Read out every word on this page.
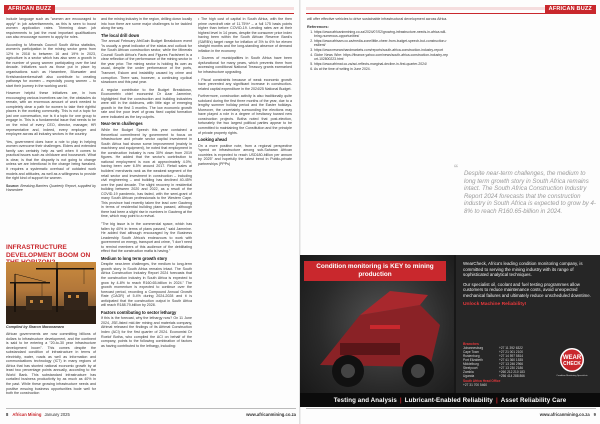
AFRICAN BUZZ	AFRICAN BUZZ

include language such as "women are encouraged to apply" in job advertisements, as this is seen to boost women application rates. Trimming down job requirements to just the most important qualifications can also encourage women to apply for roles.

According to Minerals Council South Africa statistics, women's participation in the mining sector grew from 12% in 2018 to between 16 and 19% in 2023, agriculture is a sector which has also seen a growth in the number of young women participating over the last decade. Initiatives such as those put in place by organisations such as Harambee, Bluewater and Kreishandwerkerschaft also contribute to creating pathways for women – especially young women – to start their journey in the working world.

However helpful these initiatives are, in how encouraging various incentives can be, the obstacles do remain, with an enormous amount of work needed to completely clear a path for women to take their rightful places in the working community. This is not a topic for just one conversation, nor is it a topic for one group to engage in. This is a fundamental issue that needs to be on the mind of every CEO, director, manager, HR representative and, indeed, every employer and employee across all industry sectors in the country.

Yes, government does have a role to play in helping women overcome their challenges. Elders and extended family can certainly help as well when it comes to practical issues such as childcare and housework. What is clear, is that the disparity is not going to change unless we are intentional in the change being tweaked. It requires a systematic overhaul of outdated work models and attitudes, as well as a willingness to provide the right kind of support for women.

Source: Breaking Barriers Quarterly Report, supplied by Harambee

INFRASTRUCTURE DEVELOPMENT BOOM ON
Compiled by Sharon Maconamara

African governments are now committing billions of dollars to infrastructure development, and the continent is said to be entering a "20-to-30 year infrastructure development boom". This comes despite the substandard condition of infrastructure in terms of electricity, water, roads as well as information and communications technology (ICT) in many regions of Africa that has stunted national economic growth by at least two percentage points annually, according to the World Bank. This substandard infrastructure has curtailed business productivity by as much as 40% in the past. While these growing infrastructure needs and positive ensuing business opportunities bode well for both the construction

and the mining industry in the region, drilling down locally into how there are some major challenges to be tackled along the way.

The local drill down

The annual February AfriGain Budget Breakdown event "is usually a great indicator of the status and outlook for the South African construction sector, while the Minerals Council South Africa's Facts and Figures Factsheet is a clear reflection of the performance of the mining sector in the year prior. The mining sector is holding its own as usual, despite the under performance of the ports, Transnet, Eskom and instability caused by crime and corruption. There was, however, a continuing cyclical slowdown and this past year.

A regular contributor to the Budget Breakdown, Econometrix chief economist Dr Azar Jammine, highlighted that the construction and building industries were still in the doldrums, with little sign of emerging growth in the first 3 months. The low economic growth rate and the poor level of gross fixed capital formation were indicated as the key culprits.

Near-term challenges

While the Budget Speech this year contained a theoretical commitment by government to focus on infrastructure and private sector capital investment in South Africa had shown some improvement (mainly in machinery and equipment), he noted that employment in the construction industry is now 30% down from 2019 figures. He added that the sector's contribution to national employment is now at approximately 4.0%, having been over 6.5% around 2017. Retail sales at builders' merchants rank as the weakest segment of the retail sector and investment in construction – including civil engineering – and building has declined 40-45% over the past decade. The slight recovery in residential building between 2020 and 2022, as a result of the COVID-19 pandemic, has faded, with the semi-grant of many South African professionals to the Western Cape. This province had recently taken the lead over Gauteng in terms of residential building plans passed, although there had been a slight rise in numbers in Gauteng at the time, which may point to a revival.

"The big issue is in the commercial space, which has fallen by 40% in terms of plans passed," said Jammine. He added that although encouraged by the Business Leadership South Africa's endeavours to work with government on energy, transport and crime, "I don't need to remind members of this audience of the debilitating effect that the construction mafia is having."

Medium to long term growth story

Despite near-term challenges, the medium to long-term growth story in South Africa remains intact. The South Africa Construction Industry Report 2024 forecasts that the construction industry in South Africa is expected to grow by 4-8% to reach R160.65-billion in 2024." The growth momentum is expected to continue over the forecast period, recording a Compound Annual Growth Rate (CAGR) of 5.4% during 2024-2028 and it is anticipated that the construction output in South Africa will reach R188.79-billion by 2028.

Factors contributing to sector lethargy

If this is the forecast, why the lethargy now? On 11 June 2024, JSE-listed mid-tier mining and materials company, Afrimat released the findings of its Afrimat Construction Index (ACI) for the first quarter of 2024. Economist Dr Roelof Botha, who compiled the ACI on behalf of the company, points to the following combination of factors as having contributed to the lethargy, including:

• The high cost of capital in South Africa, with the then prime overdraft rate of 11.75%* – a full 175 basis points higher than before COVID-19. Lending rates are at their highest level in 14 years, despite the consumer price index having been within the South African Reserve Bank's (SARB's) target range for inflation of 3% to 6% for eleven straight months and the long-standing absence of demand inflation in the economy

• Dozens of municipalities in South Africa have been dysfunctional for many years, which prevents them from accessing conditional National Treasury grants earmarked for infrastructure upgrading.

• Fiscal constraints because of weak economic growth have prevented any significant increase in construction-related capital expenditure in the 2024/25 National Budget.

Furthermore, construction activity is also traditionally quite subdued during the first three months of the year, due to a lengthy summer holiday period and the Easter holidays. Moreover, the uncertainty surrounding the elections may have played a role in a degree of hesitancy toward new construction projects. Botha noted that post-election, fortunately the two largest political parties appear to be committed to maintaining the Constitution and the principle of private property rights.

Looking ahead

On a more positive note, from a regional perspective "spend on infrastructure among sub-Saharan African countries is expected to reach USD180-billion per annum by 2025" and hopefully the latest trend in Public-private partnerships (PPPs)

will offer effective vehicles to drive sustainable infrastructural development across Africa.

References:
1. https://www.africaninmining.co.za/2024/07/02/growing-infrastructure-needs-in-africa-will-bring-numerous-opportunities/
2. https://www.afrisam.co.za/media-zone/little-cheer-from-budget-speech-but-construction-resilient/
3. https://www.researchandmarkets.com/reports/south-africa-construction-industry-report
4. Globe News Wire: https://finance.yahoo.com/news/south-africa-construction-industry-report-102800223.html
5. https://www.afrimat.co.za/aci-reflects-marginal-decline-in-first-quarter-2024/
6. As at the time of writing in June 2024.
“ Despite near-term challenges, the medium to long term growth story in South Africa remains intact. The South Africa Construction Industry Report 2024 forecasts that the construction industry in South Africa is expected to grow by 4-8% to reach R160.65-billion in 2024.
Condition monitoring is KEY to mining production

WearCheck, Africa's leading condition monitoring company, is committed to serving the mining industry with its range of sophisticated analytical techniques.

Our specialist oil, coolant and fuel testing programmes allow customers to reduce maintenance costs, avoid unexpected mechanical failures and ultimately reduce unscheduled downtime.

Unlock Machine Reliability!
Branches
Johannesburg	+27 11 392 6322
Cape Town	+27 21 001 2100
Rustenburg	+27 14 597 5814
Port Elizabeth	+27 41 360 1535
Middelburg	+27 13 246 2966
Steelpoort	+27 13 230 2186
Zambia	+260 212 210 183
Uganda	+256 414 288 866
South Africa Head Office
+27 31 700 5460
WEAR
CHECK
Condition Monitoring Specialists
Testing and Analysis | Lubricant-Enabled Reliability | Asset Reliability Care
8 African Mining January 2025	www.africanmining.co.za	www.africanmining.co.za 9
